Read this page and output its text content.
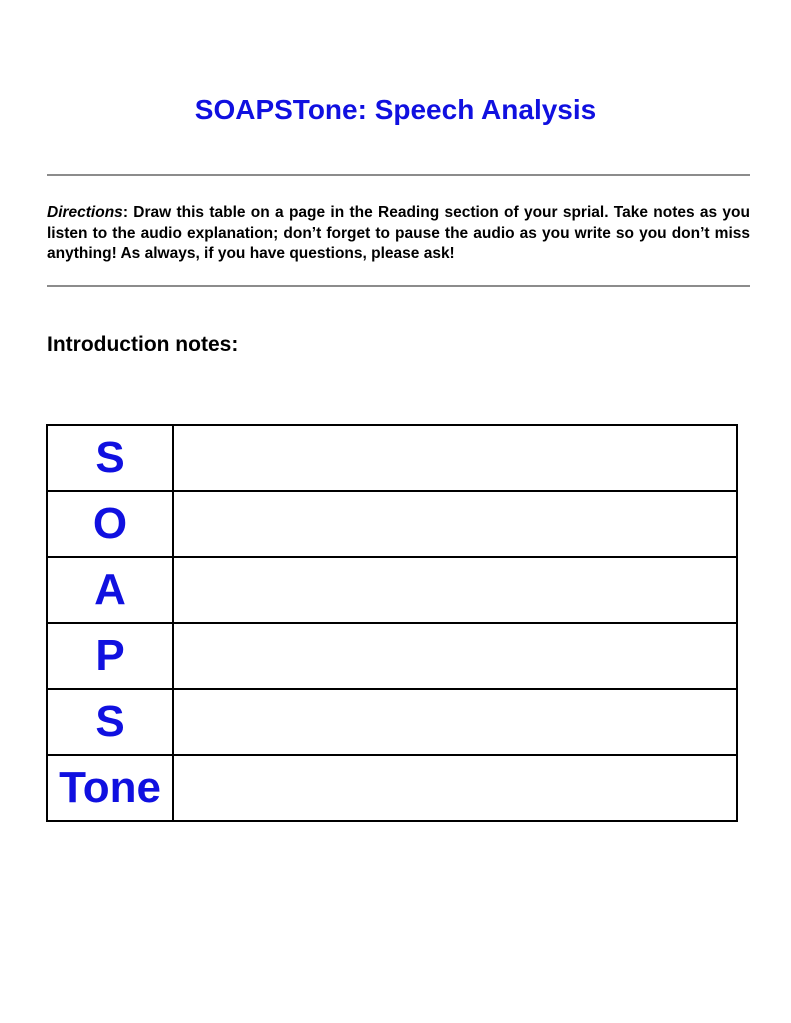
SOAPSTone: Speech Analysis
Directions: Draw this table on a page in the Reading section of your sprial. Take notes as you listen to the audio explanation; don’t forget to pause the audio as you write so you don’t miss anything! As always, if you have questions, please ask!
Introduction notes:
S	
O	
A	
P	
S	
Tone	
